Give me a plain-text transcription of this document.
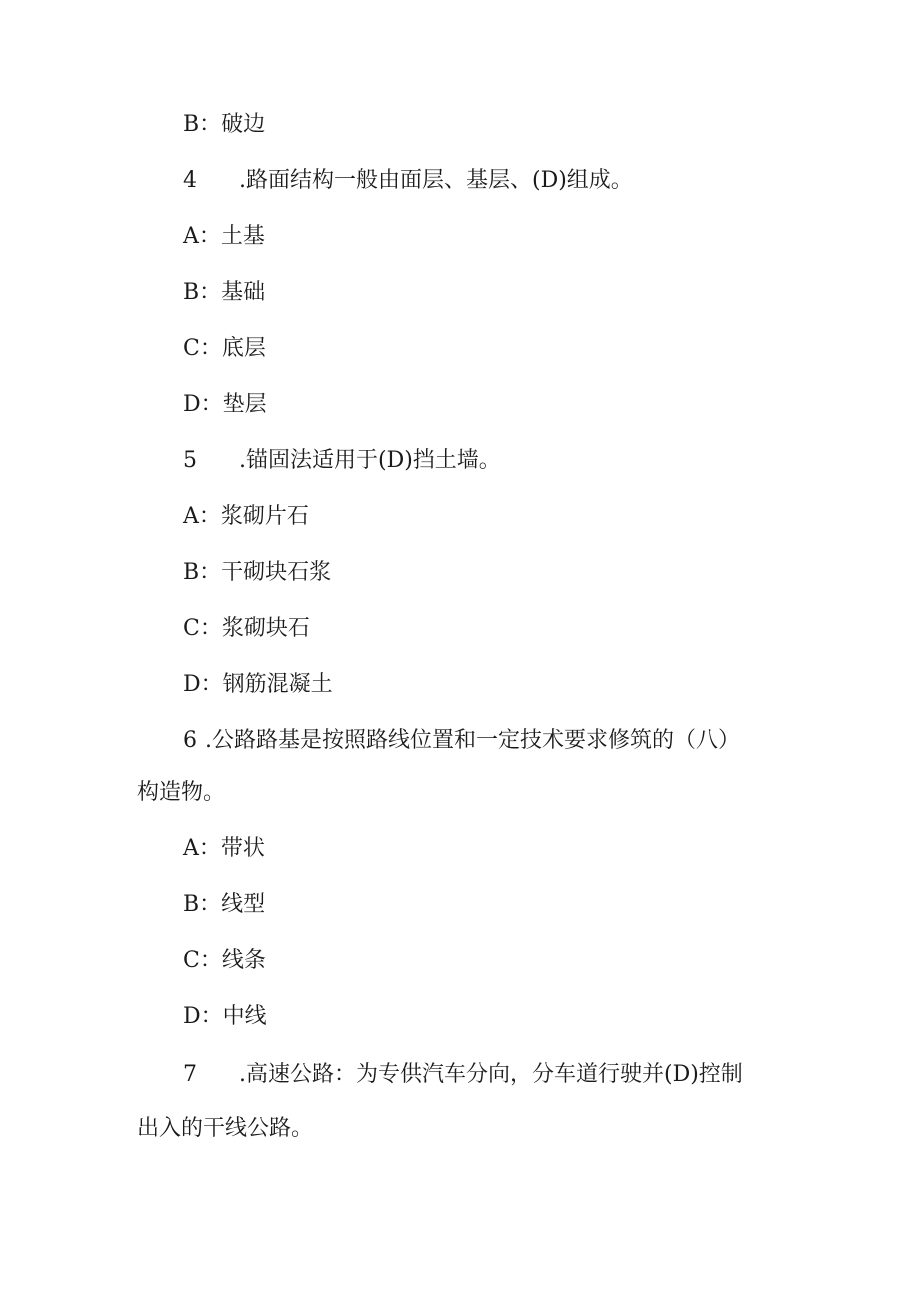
B：破边
4 .路面结构一般由面层、基层、(D)组成。
A：土基
B：基础
C：底层
D：垫层
5 .锚固法适用于(D)挡土墙。
A：浆砌片石
B：干砌块石浆
C：浆砌块石
D：钢筋混凝土
6 .公路路基是按照路线位置和一定技术要求修筑的（八）
构造物。
A：带状
B：线型
C：线条
D：中线
7 .高速公路：为专供汽车分向，分车道行驶并(D)控制
出入的干线公路。
